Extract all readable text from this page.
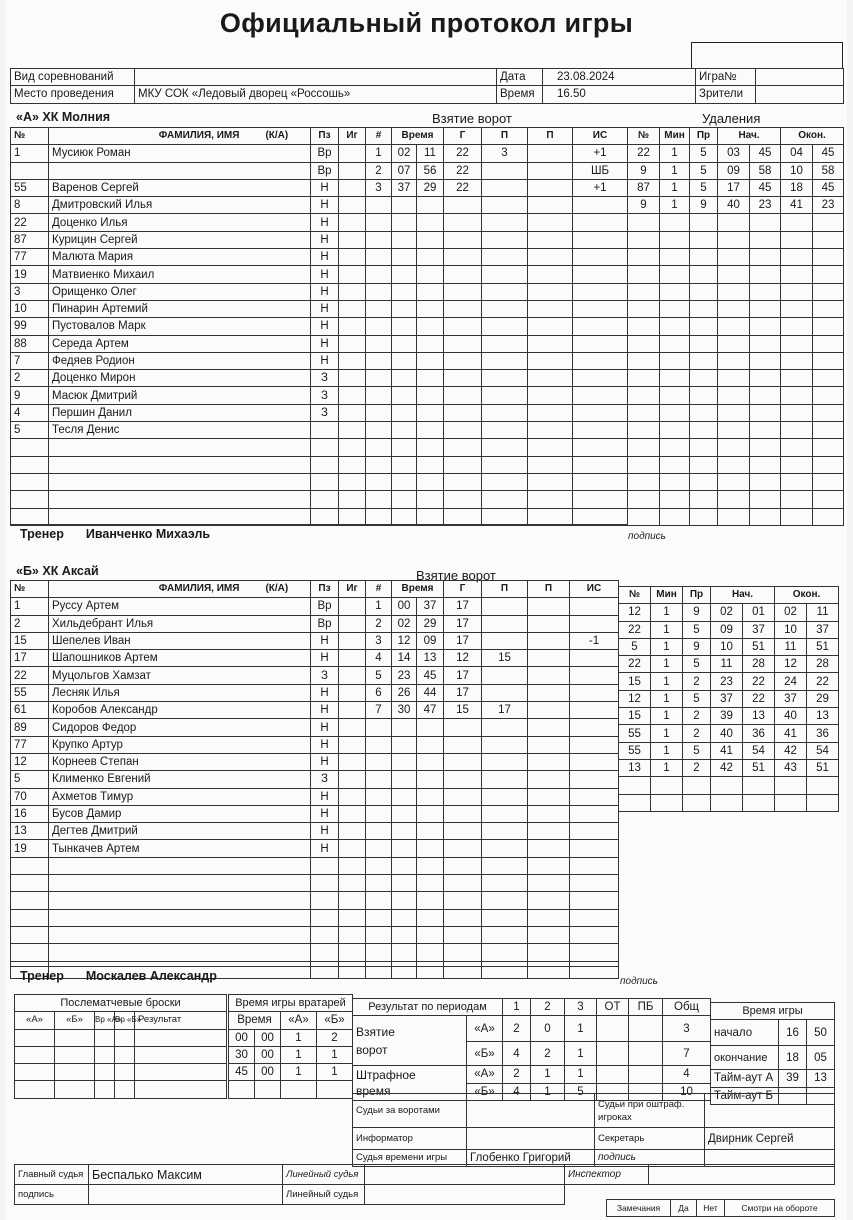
Официальный протокол игры
Вид соревнований		Дата	23.08.2024	Игра№	
Место проведения	МКУ СОК «Ледовый дворец «Россошь»	Время	16.50	Зрители	
«А» ХК Молния	Взятие ворот	Удаления
№	ФАМИЛИЯ, ИМЯ (К/А)	Пз	Иг
1	Мусиюк Роман	Вр	
		Вр	
55	Варенов Сергей	Н	
8	Дмитровский Илья	Н	
22	Доценко Илья	Н	
87	Курицин Сергей	Н	
77	Малюта Мария	Н	
19	Матвиенко Михаил	Н	
3	Орищенко Олег	Н	
10	Пинарин Артемий	Н	
99	Пустовалов Марк	Н	
88	Середа Артем	Н	
7	Федяев Родион	Н	
2	Доценко Мирон	З	
9	Масюк Дмитрий	З	
4	Першин Данил	З	
5	Тесля Денис		

#	Время		Г	П	П	ИС
1	02	11	22	3		+1
2	07	56	22			ШБ
3	37	29	22			+1

№	Мин	Пр	Нач.		Окон.	
22	1	5	03	45	04	45
9	1	5	09	58	10	58
87	1	5	17	45	18	45
9	1	9	40	23	41	23

Тренер Иванченко Михаэль	подпись
«Б» ХК Аксай	Взятие ворот
№	ФАМИЛИЯ, ИМЯ (К/А)	Пз	Иг
1	Руссу Артем	Вр	
2	Хильдебрант Илья	Вр	
15	Шепелев Иван	Н	
17	Шапошников Артем	Н	
22	Муцольгов Хамзат	З	
55	Лесняк Илья	Н	
61	Коробов Александр	Н	
89	Сидоров Федор	Н	
77	Крупко Артур	Н	
12	Корнеев Степан	Н	
5	Клименко Евгений	З	
70	Ахметов Тимур	Н	
16	Бусов Дамир	Н	
13	Дегтев Дмитрий	Н	
19	Тынкачев Артем	Н	

#	Время		Г	П	П	ИС
1	00	37	17			
2	02	29	17			
3	12	09	17			-1
4	14	13	12	15		
5	23	45	17			
6	26	44	17			
7	30	47	15	17		

№	Мин	Пр	Нач.		Окон.	
12	1	9	02	01	02	11
22	1	5	09	37	10	37
5	1	9	10	51	11	51
22	1	5	11	28	12	28
15	1	2	23	22	24	22
12	1	5	37	22	37	29
15	1	2	39	13	40	13
55	1	2	40	36	41	36
55	1	5	41	54	42	54
13	1	2	42	51	43	51

Тренер Москалев Александр	подпись
Послематчевые броски				
«А»	«Б»	Вр «А»	Вр «Б»	Результат

Время игры вратарей			
Время		«А»	«Б»
00	00	1	2
30	00	1	1
45	00	1	1

Результат по периодам		1	2	3	ОТ	ПБ	Общ
Взятие ворот	«А»	2	0	1			3
	«Б»	4	2	1			7
Штрафное время	«А»	2	1	1			4
	«Б»	4	1	5			10
Время игры		
начало	16	50
окончание	18	05
Тайм-аут А	39	13
Тайм-аут Б		
Судьи за воротами		Судьи при оштраф. игроках	
Информатор		Секретарь	Двирник Сергей
Судья времени игры	Глобенко Григорий	подпись	
Главный судья	Беспалько Максим	Линейный судья		Инспектор	
подпись		Линейный судья			
Замечания	Да	Нет	Смотри на обороте
